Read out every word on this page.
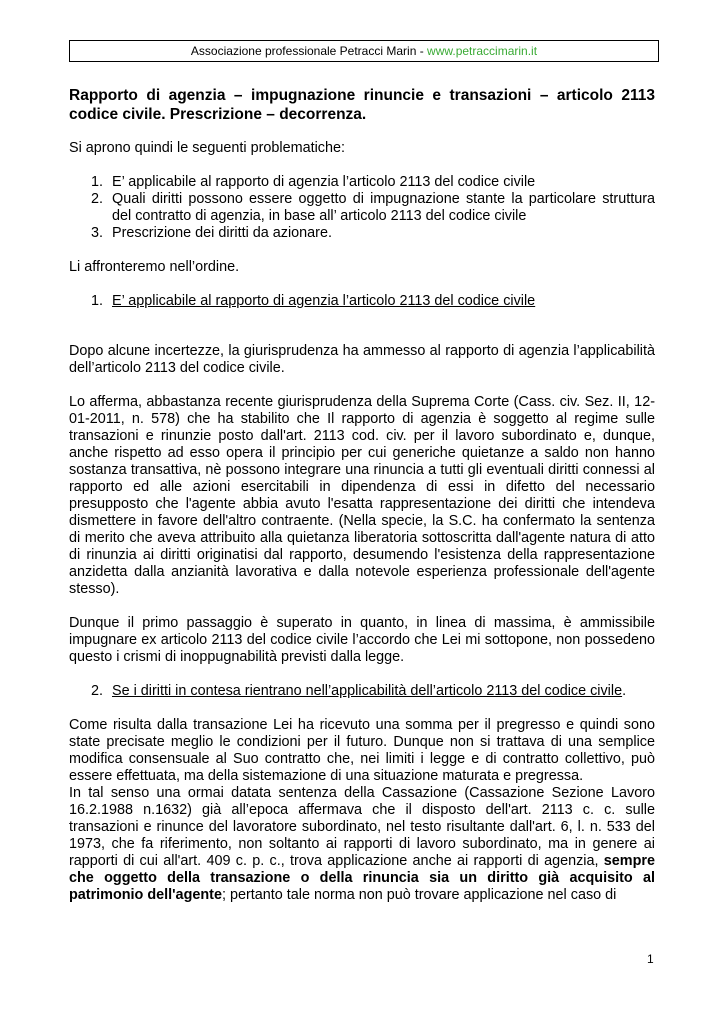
Associazione professionale Petracci Marin - www.petraccimarin.it
Rapporto di agenzia – impugnazione rinuncie e transazioni – articolo 2113 codice civile. Prescrizione – decorrenza.

Si aprono quindi le seguenti problematiche:

1. E’ applicabile al rapporto di agenzia l’articolo 2113 del codice civile
2. Quali diritti possono essere oggetto di impugnazione stante la particolare struttura del contratto di agenzia, in base all’ articolo 2113 del codice civile
3. Prescrizione dei diritti da azionare.

Li affronteremo nell’ordine.

1. E’ applicabile al rapporto di agenzia l’articolo 2113 del codice civile

Dopo alcune incertezze, la giurisprudenza ha ammesso al rapporto di agenzia l’applicabilità dell’articolo 2113 del codice civile.

Lo afferma, abbastanza recente giurisprudenza della Suprema Corte (Cass. civ. Sez. II, 12-01-2011, n. 578) che ha stabilito che Il rapporto di agenzia è soggetto al regime sulle transazioni e rinunzie posto dall'art. 2113 cod. civ. per il lavoro subordinato e, dunque, anche rispetto ad esso opera il principio per cui generiche quietanze a saldo non hanno sostanza transattiva, nè possono integrare una rinuncia a tutti gli eventuali diritti connessi al rapporto ed alle azioni esercitabili in dipendenza di essi in difetto del necessario presupposto che l'agente abbia avuto l'esatta rappresentazione dei diritti che intendeva dismettere in favore dell'altro contraente. (Nella specie, la S.C. ha confermato la sentenza di merito che aveva attribuito alla quietanza liberatoria sottoscritta dall'agente natura di atto di rinunzia ai diritti originatisi dal rapporto, desumendo l'esistenza della rappresentazione anzidetta dalla anzianità lavorativa e dalla notevole esperienza professionale dell'agente stesso).

Dunque il primo passaggio è superato in quanto, in linea di massima, è ammissibile impugnare ex articolo 2113 del codice civile l’accordo che Lei mi sottopone, non possedeno questo i crismi di inoppugnabilità previsti dalla legge.

2. Se i diritti in contesa rientrano nell’applicabilità dell’articolo 2113 del codice civile.

Come risulta dalla transazione Lei ha ricevuto una somma per il pregresso e quindi sono state precisate meglio le condizioni per il futuro. Dunque non si trattava di una semplice modifica consensuale al Suo contratto che, nei limiti i legge e di contratto collettivo, può essere effettuata, ma della sistemazione di una situazione maturata e pregressa.

In tal senso una ormai datata sentenza della Cassazione (Cassazione Sezione Lavoro 16.2.1988 n.1632) già all’epoca affermava che il disposto dell'art. 2113 c. c. sulle transazioni e rinunce del lavoratore subordinato, nel testo risultante dall'art. 6, l. n. 533 del 1973, che fa riferimento, non soltanto ai rapporti di lavoro subordinato, ma in genere ai rapporti di cui all'art. 409 c. p. c., trova applicazione anche ai rapporti di agenzia, sempre che oggetto della transazione o della rinuncia sia un diritto già acquisito al patrimonio dell'agente; pertanto tale norma non può trovare applicazione nel caso di

1
